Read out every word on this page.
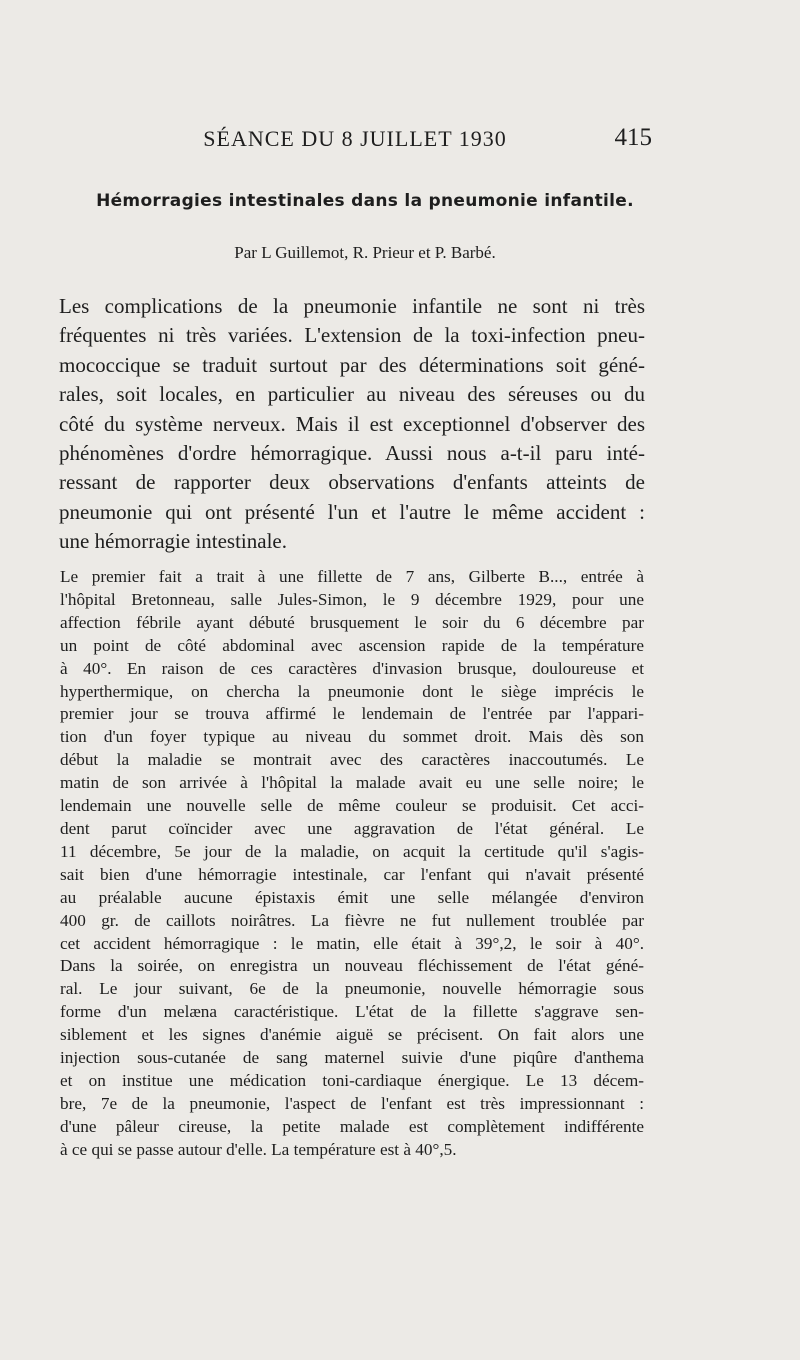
SÉANCE DU 8 JUILLET 1930	415
Hémorragies intestinales dans la pneumonie infantile.
Par L Guillemot, R. Prieur et P. Barbé.
Les complications de la pneumonie infantile ne sont ni très
fréquentes ni très variées. L'extension de la toxi-infection pneu-
mococcique se traduit surtout par des déterminations soit géné-
rales, soit locales, en particulier au niveau des séreuses ou du
côté du système nerveux. Mais il est exceptionnel d'observer des
phénomènes d'ordre hémorragique. Aussi nous a-t-il paru inté-
ressant de rapporter deux observations d'enfants atteints de
pneumonie qui ont présenté l'un et l'autre le même accident :
une hémorragie intestinale.
Le premier fait a trait à une fillette de 7 ans, Gilberte B..., entrée à
l'hôpital Bretonneau, salle Jules-Simon, le 9 décembre 1929, pour une
affection fébrile ayant débuté brusquement le soir du 6 décembre par
un point de côté abdominal avec ascension rapide de la température
à 40°. En raison de ces caractères d'invasion brusque, douloureuse et
hyperthermique, on chercha la pneumonie dont le siège imprécis le
premier jour se trouva affirmé le lendemain de l'entrée par l'appari-
tion d'un foyer typique au niveau du sommet droit. Mais dès son
début la maladie se montrait avec des caractères inaccoutumés. Le
matin de son arrivée à l'hôpital la malade avait eu une selle noire; le
lendemain une nouvelle selle de même couleur se produisit. Cet acci-
dent parut coïncider avec une aggravation de l'état général. Le
11 décembre, 5e jour de la maladie, on acquit la certitude qu'il s'agis-
sait bien d'une hémorragie intestinale, car l'enfant qui n'avait présenté
au préalable aucune épistaxis émit une selle mélangée d'environ
400 gr. de caillots noirâtres. La fièvre ne fut nullement troublée par
cet accident hémorragique : le matin, elle était à 39°,2, le soir à 40°.
Dans la soirée, on enregistra un nouveau fléchissement de l'état géné-
ral. Le jour suivant, 6e de la pneumonie, nouvelle hémorragie sous
forme d'un melæna caractéristique. L'état de la fillette s'aggrave sen-
siblement et les signes d'anémie aiguë se précisent. On fait alors une
injection sous-cutanée de sang maternel suivie d'une piqûre d'anthema
et on institue une médication toni-cardiaque énergique. Le 13 décem-
bre, 7e de la pneumonie, l'aspect de l'enfant est très impressionnant :
d'une pâleur cireuse, la petite malade est complètement indifférente
à ce qui se passe autour d'elle. La température est à 40°,5.
